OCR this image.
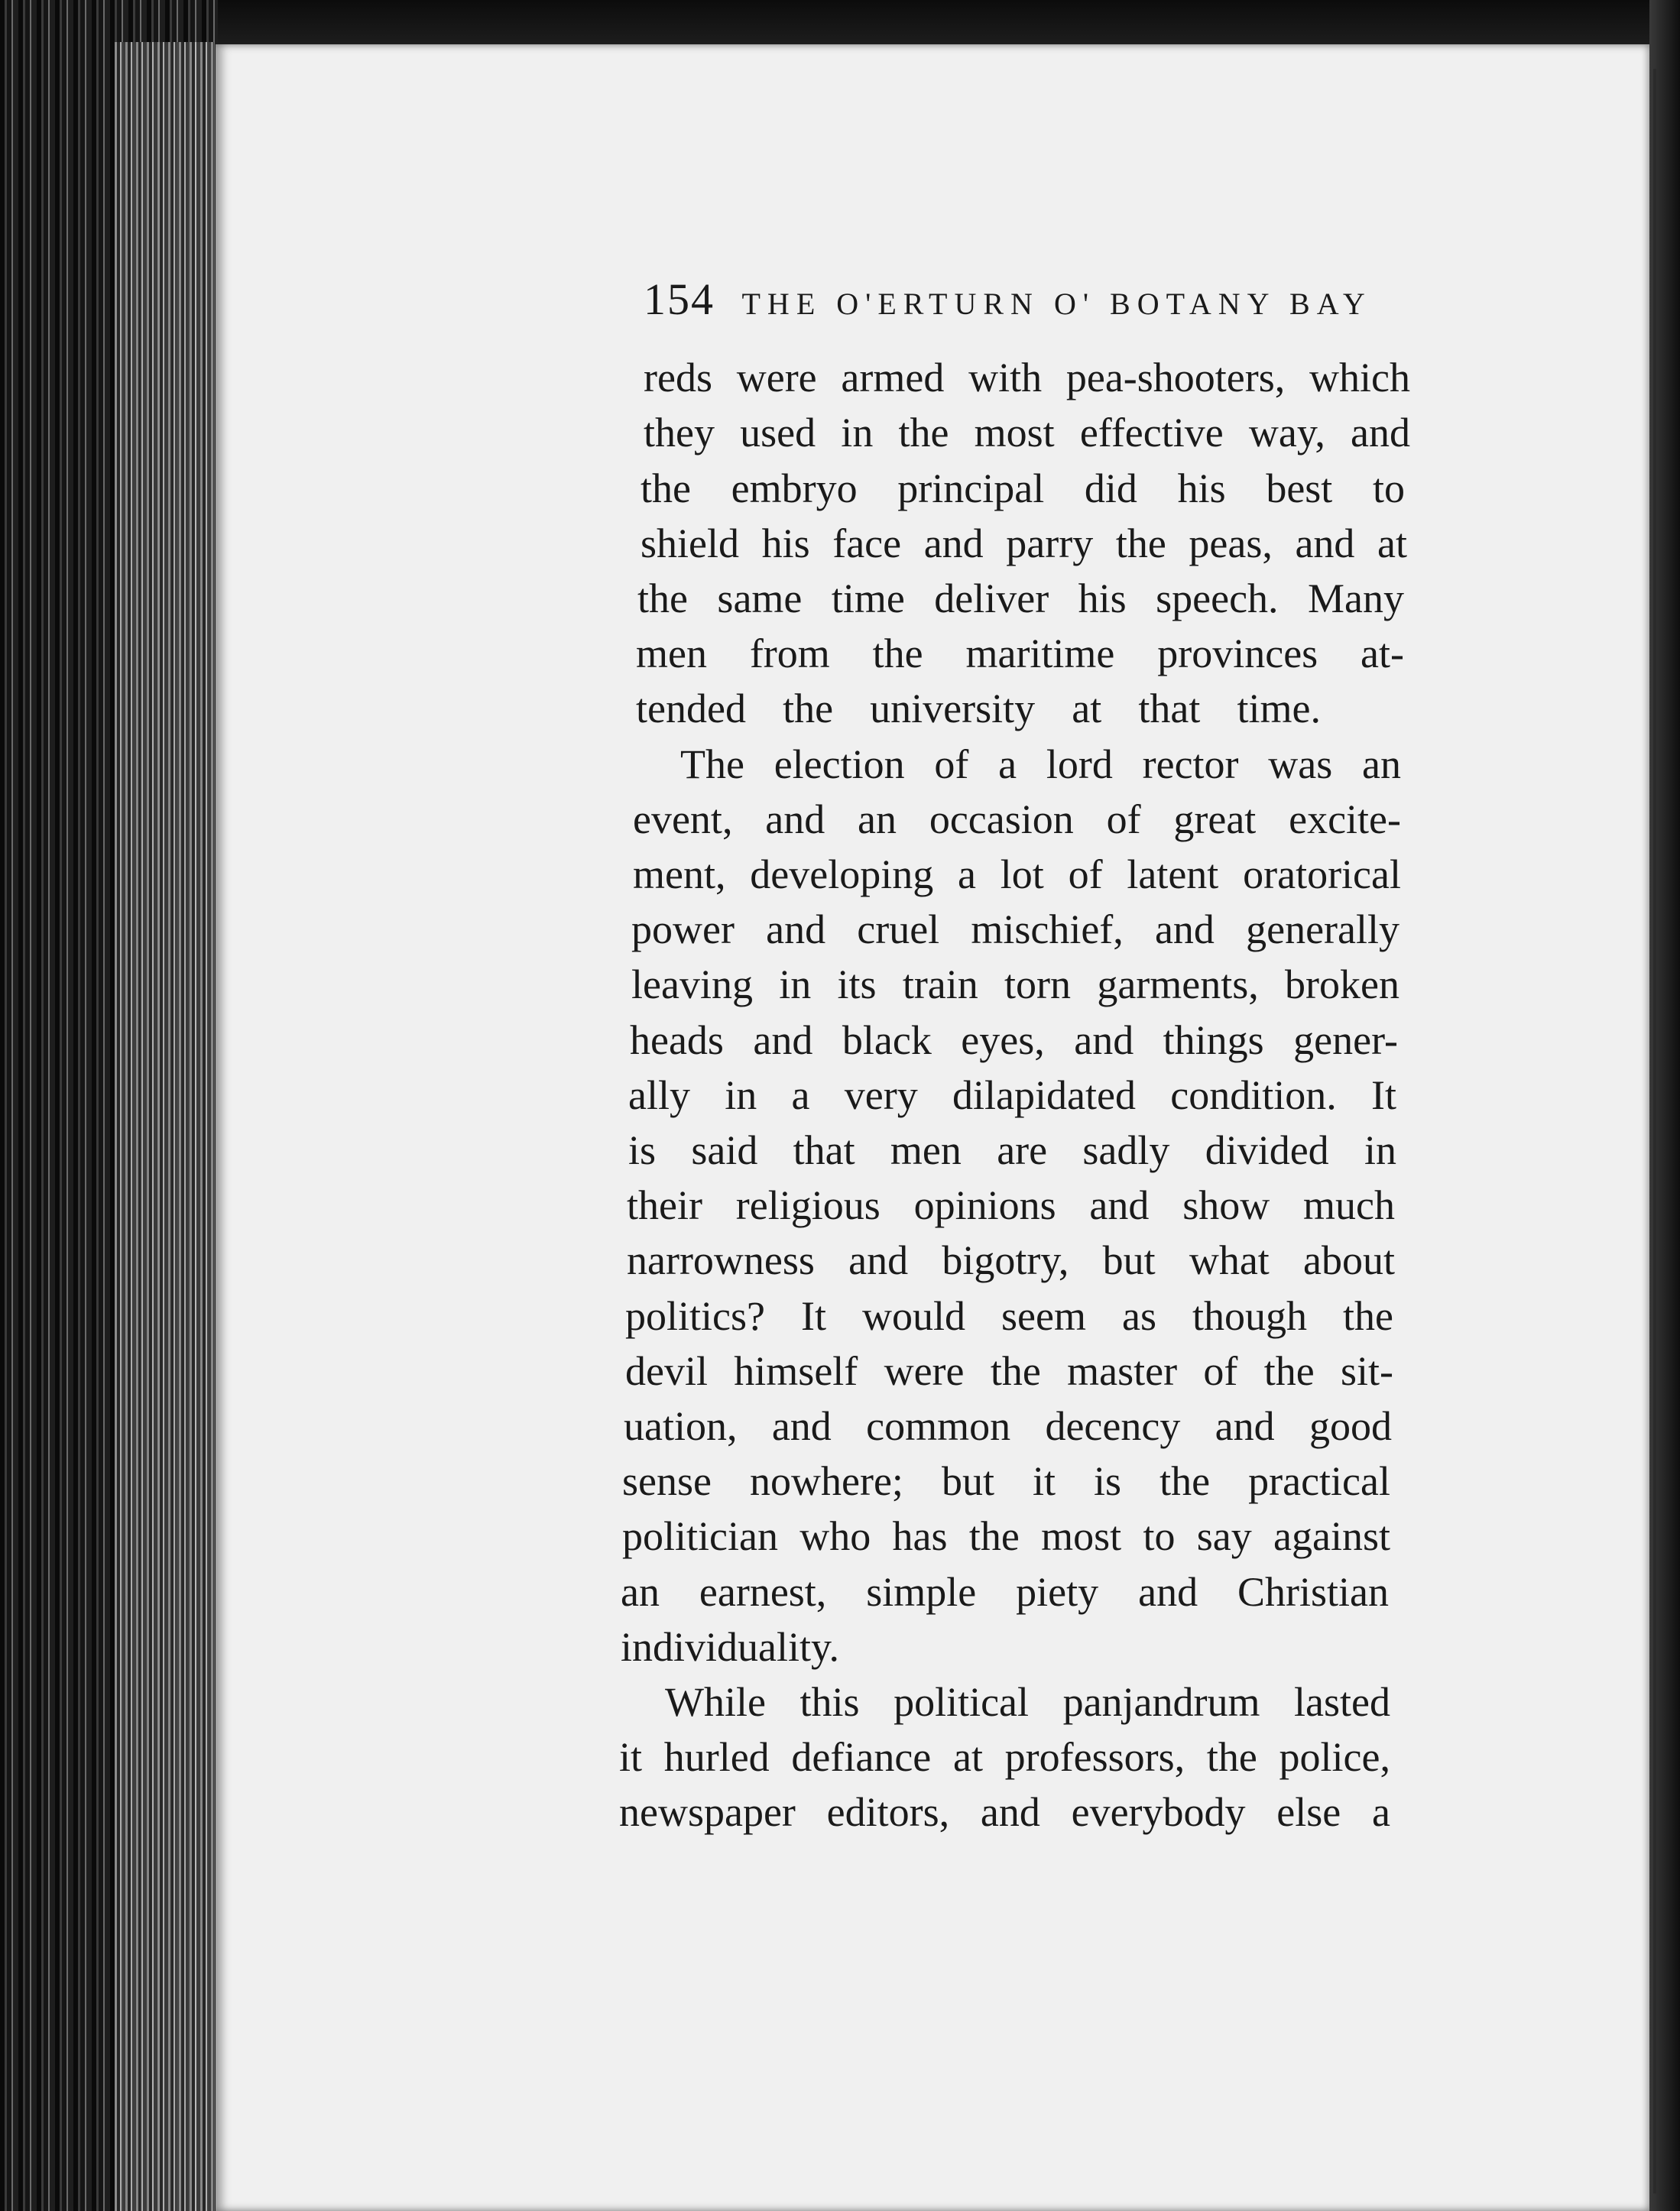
154 THE O'ERTURN O' BOTANY BAY
reds were armed with pea-shooters, which
they used in the most effective way, and
the embryo principal did his best to
shield his face and parry the peas, and at
the same time deliver his speech. Many
men from the maritime provinces at-
tended the university at that time.
The election of a lord rector was an
event, and an occasion of great excite-
ment, developing a lot of latent oratorical
power and cruel mischief, and generally
leaving in its train torn garments, broken
heads and black eyes, and things gener-
ally in a very dilapidated condition. It
is said that men are sadly divided in
their religious opinions and show much
narrowness and bigotry, but what about
politics? It would seem as though the
devil himself were the master of the sit-
uation, and common decency and good
sense nowhere; but it is the practical
politician who has the most to say against
an earnest, simple piety and Christian
individuality.
While this political panjandrum lasted
it hurled defiance at professors, the police,
newspaper editors, and everybody else a
